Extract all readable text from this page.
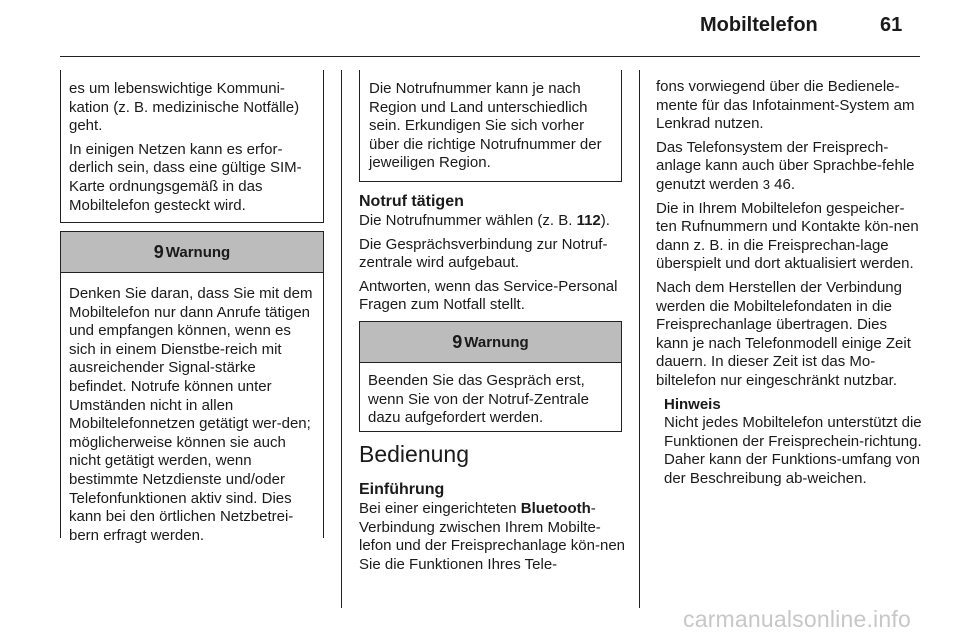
Mobiltelefon	61

es um lebenswichtige Kommuni-kation (z. B. medizinische Notfälle) geht.

In einigen Netzen kann es erfor-derlich sein, dass eine gültige SIM-Karte ordnungsgemäß in das Mobiltelefon gesteckt wird.

9 Warnung

Denken Sie daran, dass Sie mit dem Mobiltelefon nur dann Anrufe tätigen und empfangen können, wenn es sich in einem Dienstbe-reich mit ausreichender Signal-stärke befindet. Notrufe können unter Umständen nicht in allen Mobiltelefonnetzen getätigt wer-den; möglicherweise können sie auch nicht getätigt werden, wenn bestimmte Netzdienste und/oder Telefonfunktionen aktiv sind. Dies kann bei den örtlichen Netzbetrei-bern erfragt werden.

Die Notrufnummer kann je nach Region und Land unterschiedlich sein. Erkundigen Sie sich vorher über die richtige Notrufnummer der jeweiligen Region.

Notruf tätigen

Die Notrufnummer wählen (z. B. 112).

Die Gesprächsverbindung zur Notruf-zentrale wird aufgebaut.

Antworten, wenn das Service-Personal Fragen zum Notfall stellt.

9 Warnung

Beenden Sie das Gespräch erst, wenn Sie von der Notruf-Zentrale dazu aufgefordert werden.

Bedienung
Einführung

Bei einer eingerichteten Bluetooth-Verbindung zwischen Ihrem Mobilte-lefon und der Freisprechanlage kön-nen Sie die Funktionen Ihres Tele-

fons vorwiegend über die Bedienele-mente für das Infotainment-System am Lenkrad nutzen.

Das Telefonsystem der Freisprech-anlage kann auch über Sprachbe-fehle genutzt werden 3 46.

Die in Ihrem Mobiltelefon gespeicher-ten Rufnummern und Kontakte kön-nen dann z. B. in die Freisprechan-lage überspielt und dort aktualisiert werden.

Nach dem Herstellen der Verbindung werden die Mobiltelefondaten in die Freisprechanlage übertragen. Dies kann je nach Telefonmodell einige Zeit dauern. In dieser Zeit ist das Mo-biltelefon nur eingeschränkt nutzbar.

Hinweis

Nicht jedes Mobiltelefon unterstützt die Funktionen der Freisprechein-richtung. Daher kann der Funktions-umfang von der Beschreibung ab-weichen.

carmanualsonline.info
